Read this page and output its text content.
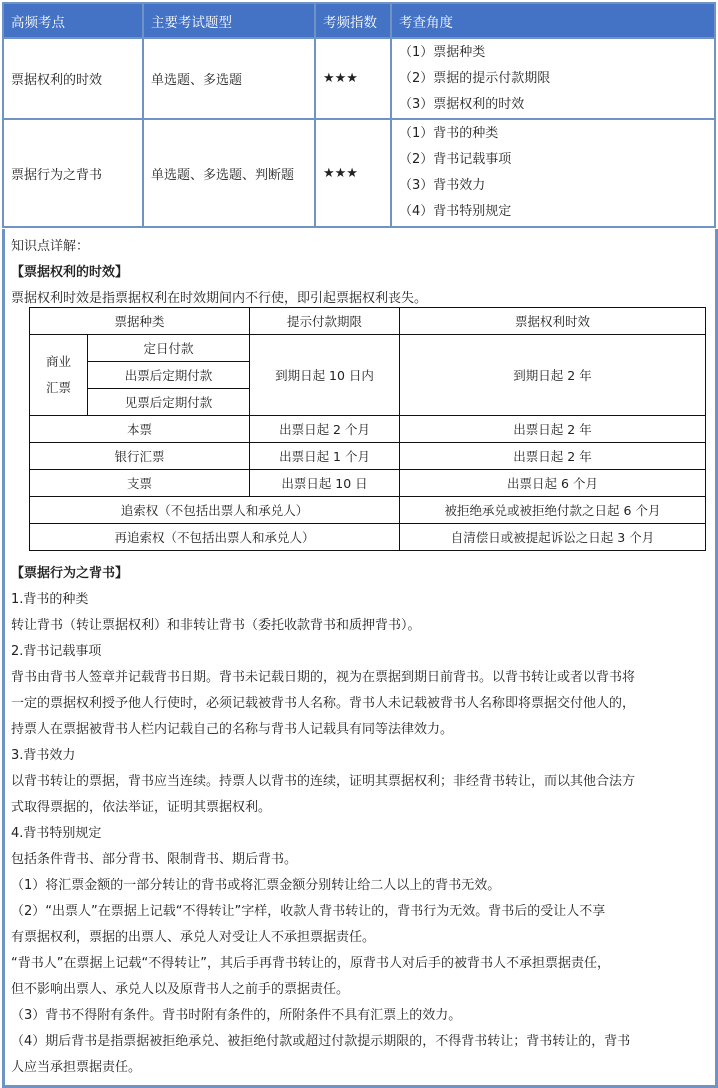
高频考点	主要考试题型	考频指数	考查角度
票据权利的时效	单选题、多选题	★★★	（1）票据种类
（2）票据的提示付款期限
（3）票据权利的时效

票据行为之背书	单选题、多选题、判断题	★★★	（1）背书的种类
（2）背书记载事项
（3）背书效力
（4）背书特别规定
知识点详解：
【票据权利的时效】
票据权利时效是指票据权利在时效期间内不行使，即引起票据权利丧失。
票据种类		提示付款期限	票据权利时效

商业
汇票	定日付款	到期日起 10 日内	到期日起 2 年
	出票后定期付款		
	见票后定期付款		
本票		出票日起 2 个月	出票日起 2 年
银行汇票		出票日起 1 个月	出票日起 2 年
支票		出票日起 10 日	出票日起 6 个月
追索权（不包括出票人和承兑人）			被拒绝承兑或被拒绝付款之日起 6 个月
再追索权（不包括出票人和承兑人）			自清偿日或被提起诉讼之日起 3 个月
【票据行为之背书】
1.背书的种类
转让背书（转让票据权利）和非转让背书（委托收款背书和质押背书）。
2.背书记载事项
背书由背书人签章并记载背书日期。背书未记载日期的，视为在票据到期日前背书。以背书转让或者以背书将
一定的票据权利授予他人行使时，必须记载被背书人名称。背书人未记载被背书人名称即将票据交付他人的，
持票人在票据被背书人栏内记载自己的名称与背书人记载具有同等法律效力。
3.背书效力
以背书转让的票据，背书应当连续。持票人以背书的连续，证明其票据权利；非经背书转让，而以其他合法方
式取得票据的，依法举证，证明其票据权利。
4.背书特别规定
包括条件背书、部分背书、限制背书、期后背书。
（1）将汇票金额的一部分转让的背书或将汇票金额分别转让给二人以上的背书无效。
（2）“出票人”在票据上记载“不得转让”字样，收款人背书转让的，背书行为无效。背书后的受让人不享
有票据权利，票据的出票人、承兑人对受让人不承担票据责任。
“背书人”在票据上记载“不得转让”，其后手再背书转让的，原背书人对后手的被背书人不承担票据责任，
但不影响出票人、承兑人以及原背书人之前手的票据责任。
（3）背书不得附有条件。背书时附有条件的，所附条件不具有汇票上的效力。
（4）期后背书是指票据被拒绝承兑、被拒绝付款或超过付款提示期限的，不得背书转让；背书转让的，背书
人应当承担票据责任。
